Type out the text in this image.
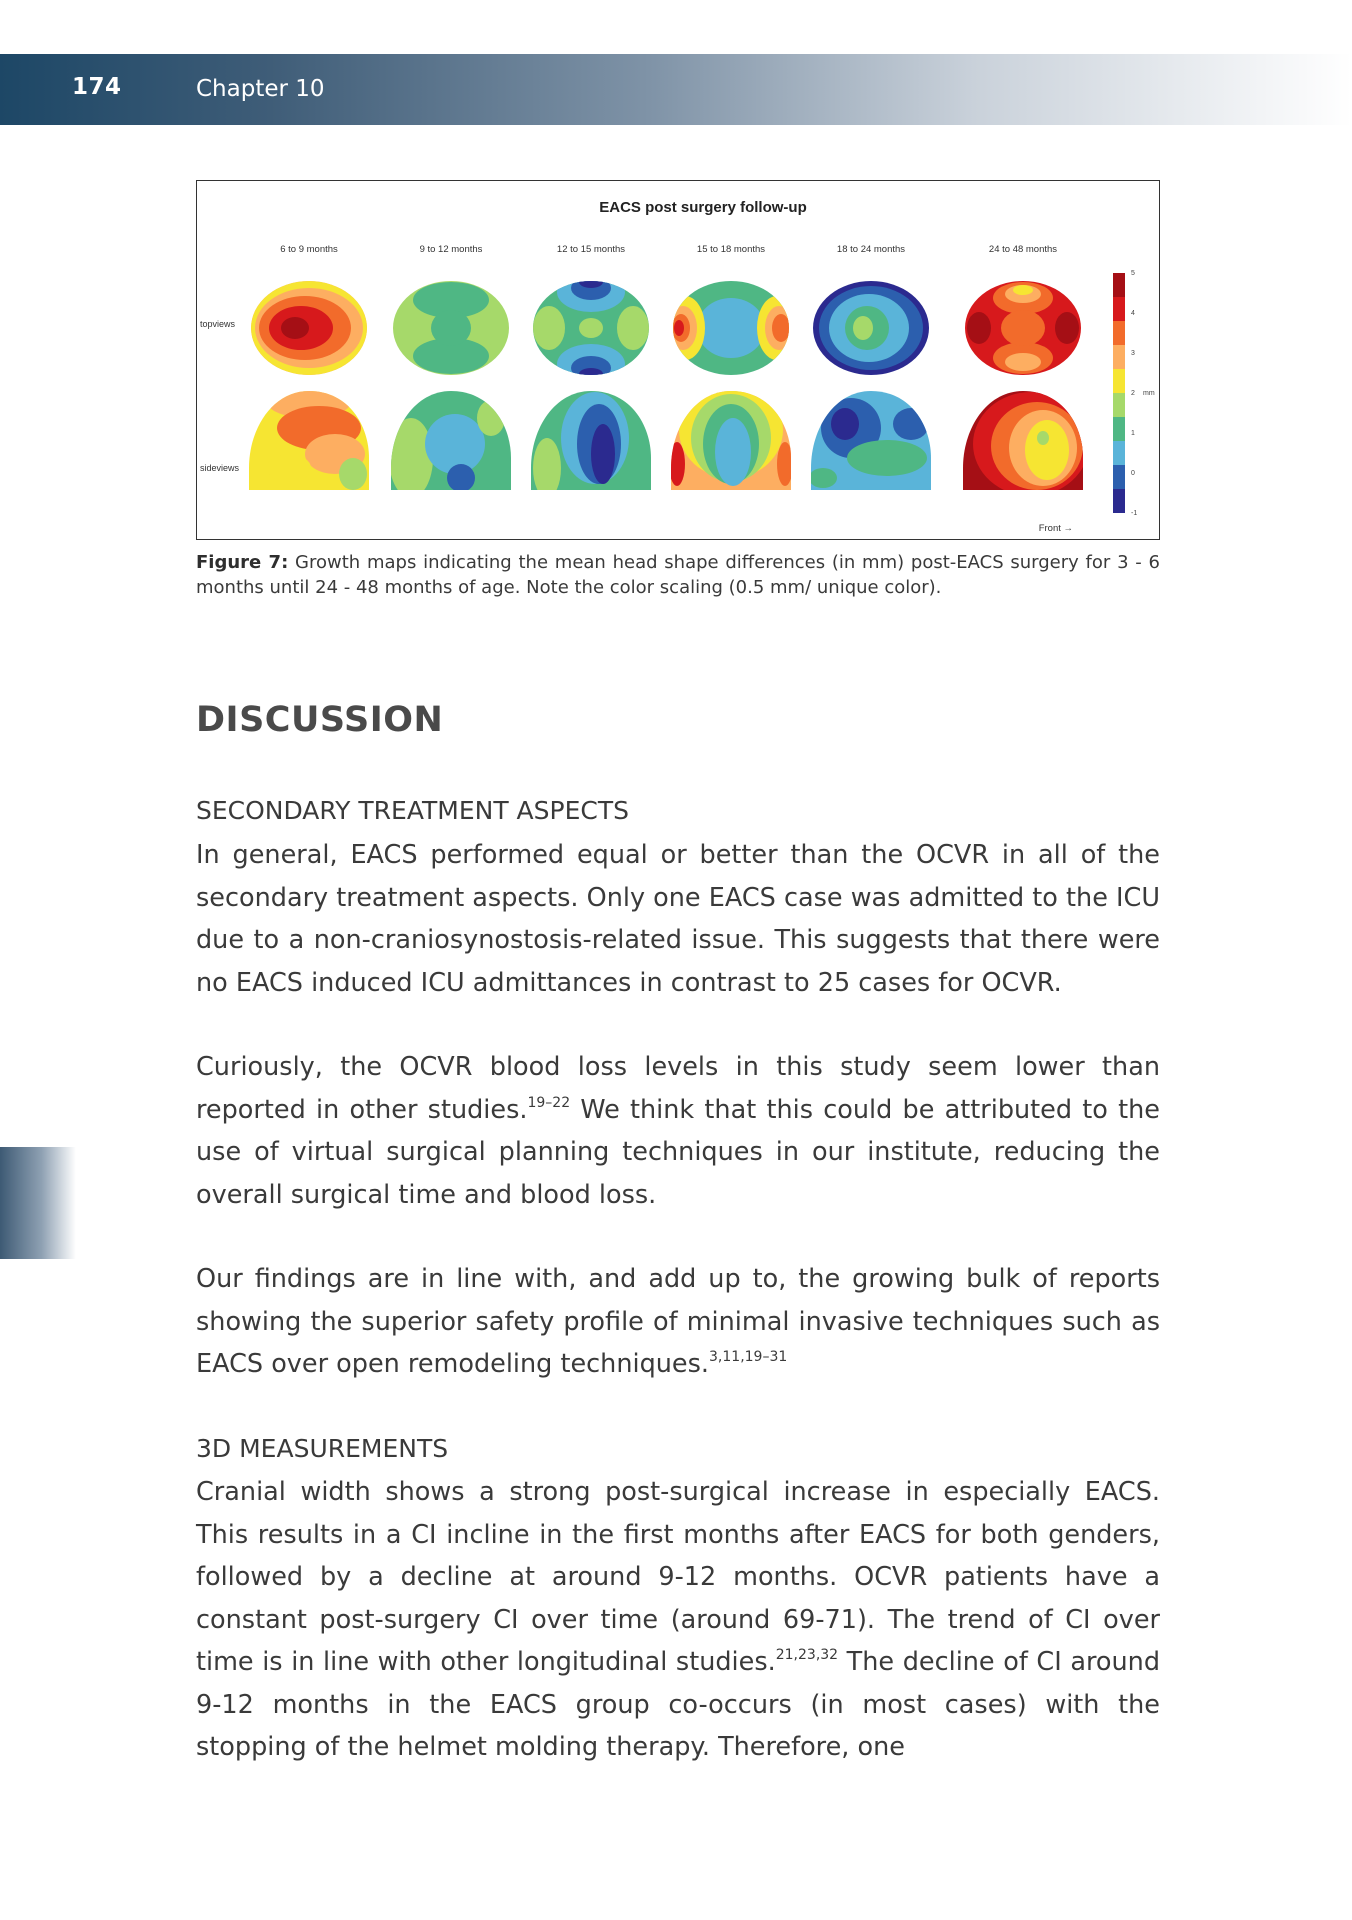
174	Chapter 10
EACS post surgery follow-up
6 to 9 months	9 to 12 months	12 to 15 months	15 to 18 months	18 to 24 months	24 to 48 months
topviews
sideviews
5
4
3
2 mm
1
0
-1
Front →
Figure 7: Growth maps indicating the mean head shape differences (in mm) post-EACS surgery for 3 - 6 months until 24 - 48 months of age. Note the color scaling (0.5 mm/ unique color).
DISCUSSION
SECONDARY TREATMENT ASPECTS

In general, EACS performed equal or better than the OCVR in all of the secondary treatment aspects. Only one EACS case was admitted to the ICU due to a non-craniosynostosis-related issue. This suggests that there were no EACS induced ICU admittances in contrast to 25 cases for OCVR.

Curiously, the OCVR blood loss levels in this study seem lower than reported in other studies.$^{19-22}$ We think that this could be attributed to the use of virtual surgical planning techniques in our institute, reducing the overall surgical time and blood loss.

Our findings are in line with, and add up to, the growing bulk of reports showing the superior safety profile of minimal invasive techniques such as EACS over open remodeling techniques.$^{3,11,19-31}$

3D MEASUREMENTS

Cranial width shows a strong post-surgical increase in especially EACS. This results in a CI incline in the first months after EACS for both genders, followed by a decline at around 9-12 months. OCVR patients have a constant post-surgery CI over time (around 69-71). The trend of CI over time is in line with other longitudinal studies.$^{21,23,32}$ The decline of CI around 9-12 months in the EACS group co-occurs (in most cases) with the stopping of the helmet molding therapy. Therefore, one
